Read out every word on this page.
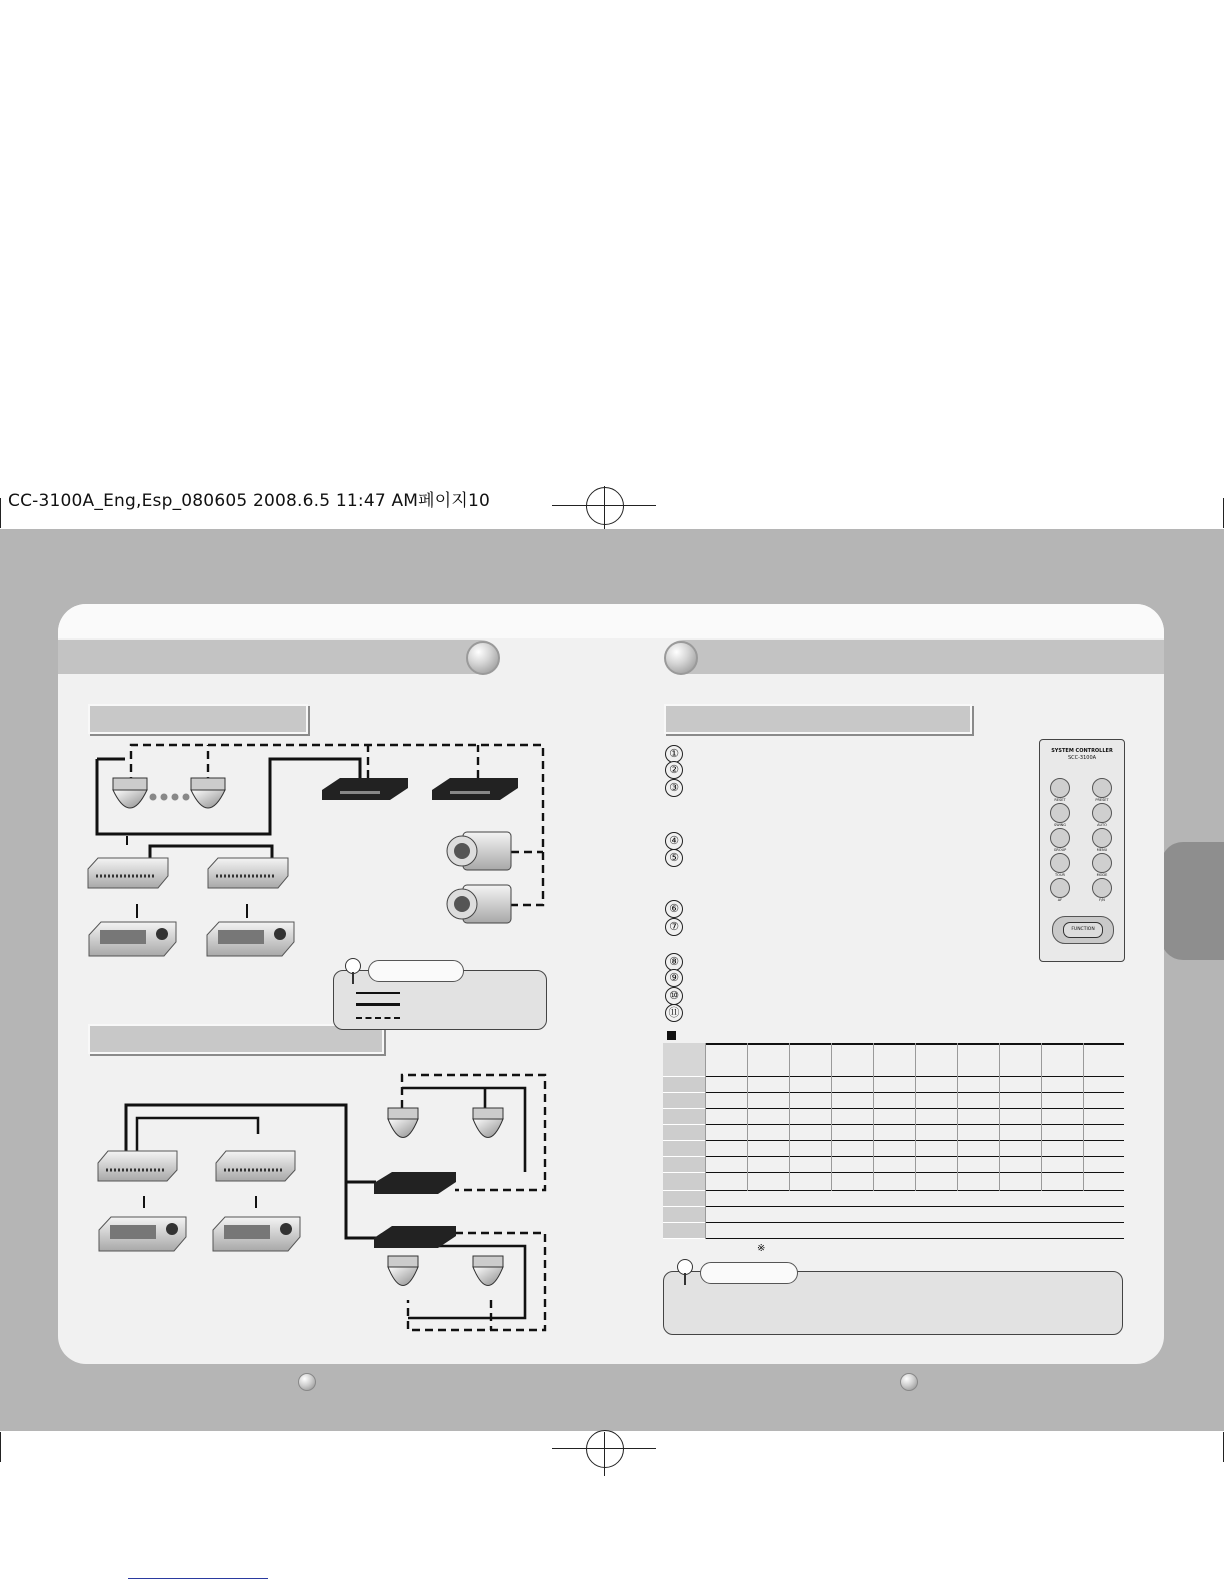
CC-3100A_Eng,Esp_080605 2008.6.5 11:47 AM페이지10
SYSTEM CONTROLLER
SCC-3100A
RESET	PRESET
SWING	AUTO
GROUP	MENU
TOUR	MODE
AF	F/N
FUNCTION
①
②
③
④
⑤
⑥
⑦
⑧
⑨
⑩
⑪
※
